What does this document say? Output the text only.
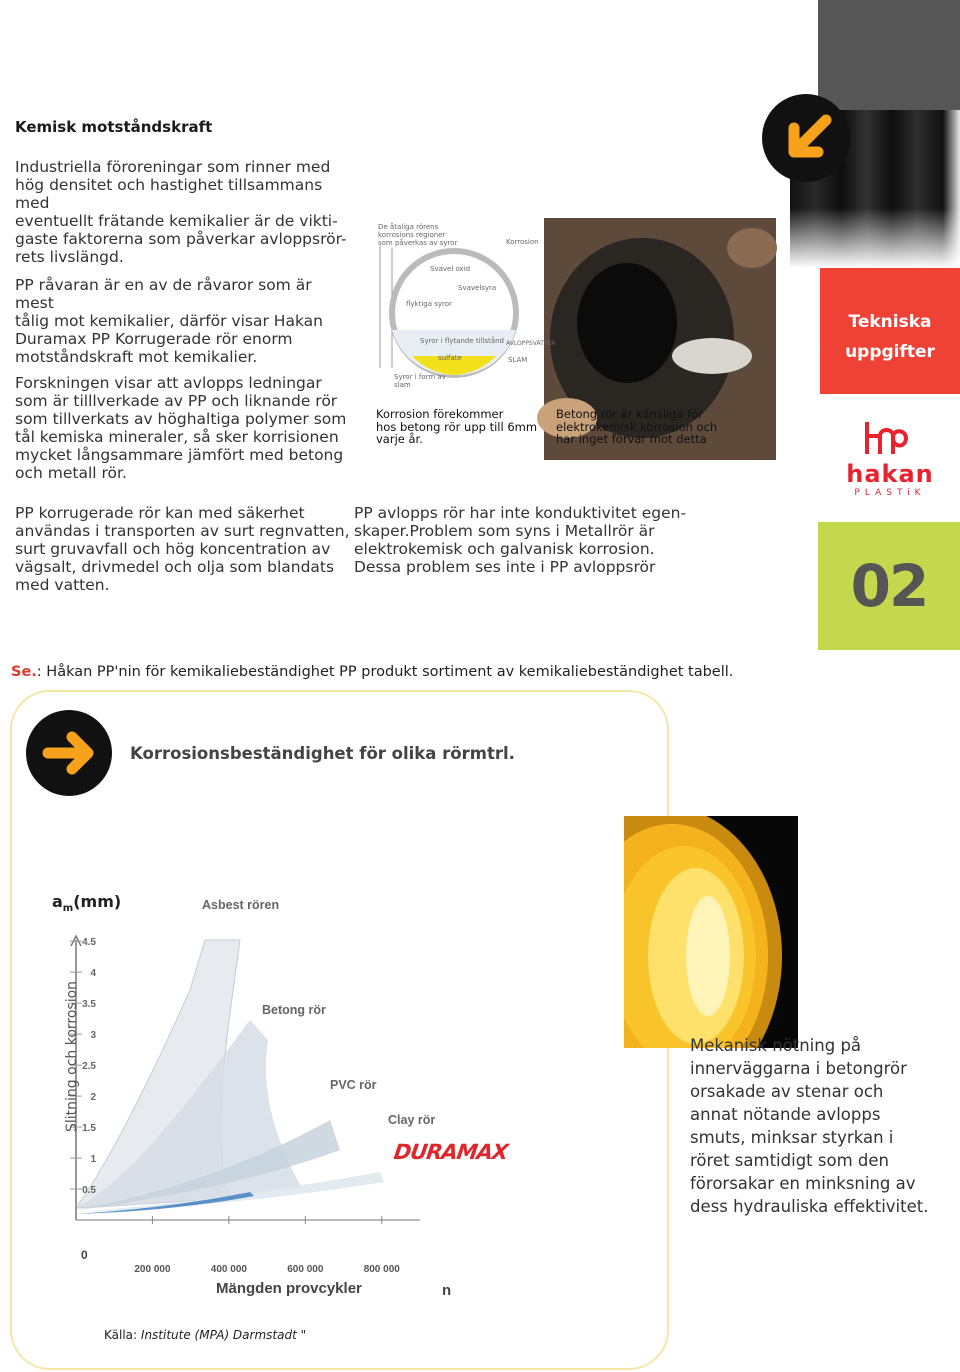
Tekniska
uppgifter
hakan
PLASTiK
02
Kemisk motståndskraft
Industriella föroreningar som rinner med
hög densitet och hastighet tillsammans med
eventuellt frätande kemikalier är de vikti-
gaste faktorerna som påverkar avloppsrör-
rets livslängd.
PP råvaran är en av de råvaror som är mest
tålig mot kemikalier, därför visar Hakan
Duramax PP Korrugerade rör enorm
motståndskraft mot kemikalier.
Forskningen visar att avlopps ledningar
som är tilllverkade av PP och liknande rör
som tillverkats av höghaltiga polymer som
tål kemiska mineraler, så sker korrisionen
mycket långsammare jämfört med betong
och metall rör.
PP korrugerade rör kan med säkerhet
användas i transporten av surt regnvatten,
surt gruvavfall och hög koncentration av
vägsalt, drivmedel och olja som blandats
med vatten.
PP avlopps rör har inte konduktivitet egen-
skaper.Problem som syns i Metallrör är
elektrokemisk och galvanisk korrosion.
Dessa problem ses inte i PP avloppsrör
De åtaliga rörens
korrosions regioner
som påverkas av syror	Korrosion
Svavel oxid
Svavelsyra
flyktiga syror
Syror i flytande tillstånd
sulfate
AVLOPPSVATTEN
SLAM
Syror i form av
slam
Korrosion förekommer
hos betong rör upp till 6mm
varje år.
Betong rör är känsliga för
elektrokemisk korrosion och
har inget förvar mot detta
Se.: Håkan PP'nin för kemikaliebeständighet PP produkt sortiment av kemikaliebeständighet tabell.
Korrosionsbeständighet för olika rörmtrl.
4.5
4
3.5
3
2.5
2
1.5
1
0.5
200 000	400 000	600 000	800 000
$a_m(mm)$
Slitning och korrosion
0
Asbest rören
Betong rör
PVC rör
Clay rör
DURAMAX
Mängden provcykler	n
Mekanisk nötning på
innerväggarna i betongrör
orsakade av stenar och
annat nötande avlopps
smuts, minksar styrkan i
röret samtidigt som den
förorsakar en minksning av
dess hydrauliska effektivitet.
Källa: Institute (MPA) Darmstadt "
